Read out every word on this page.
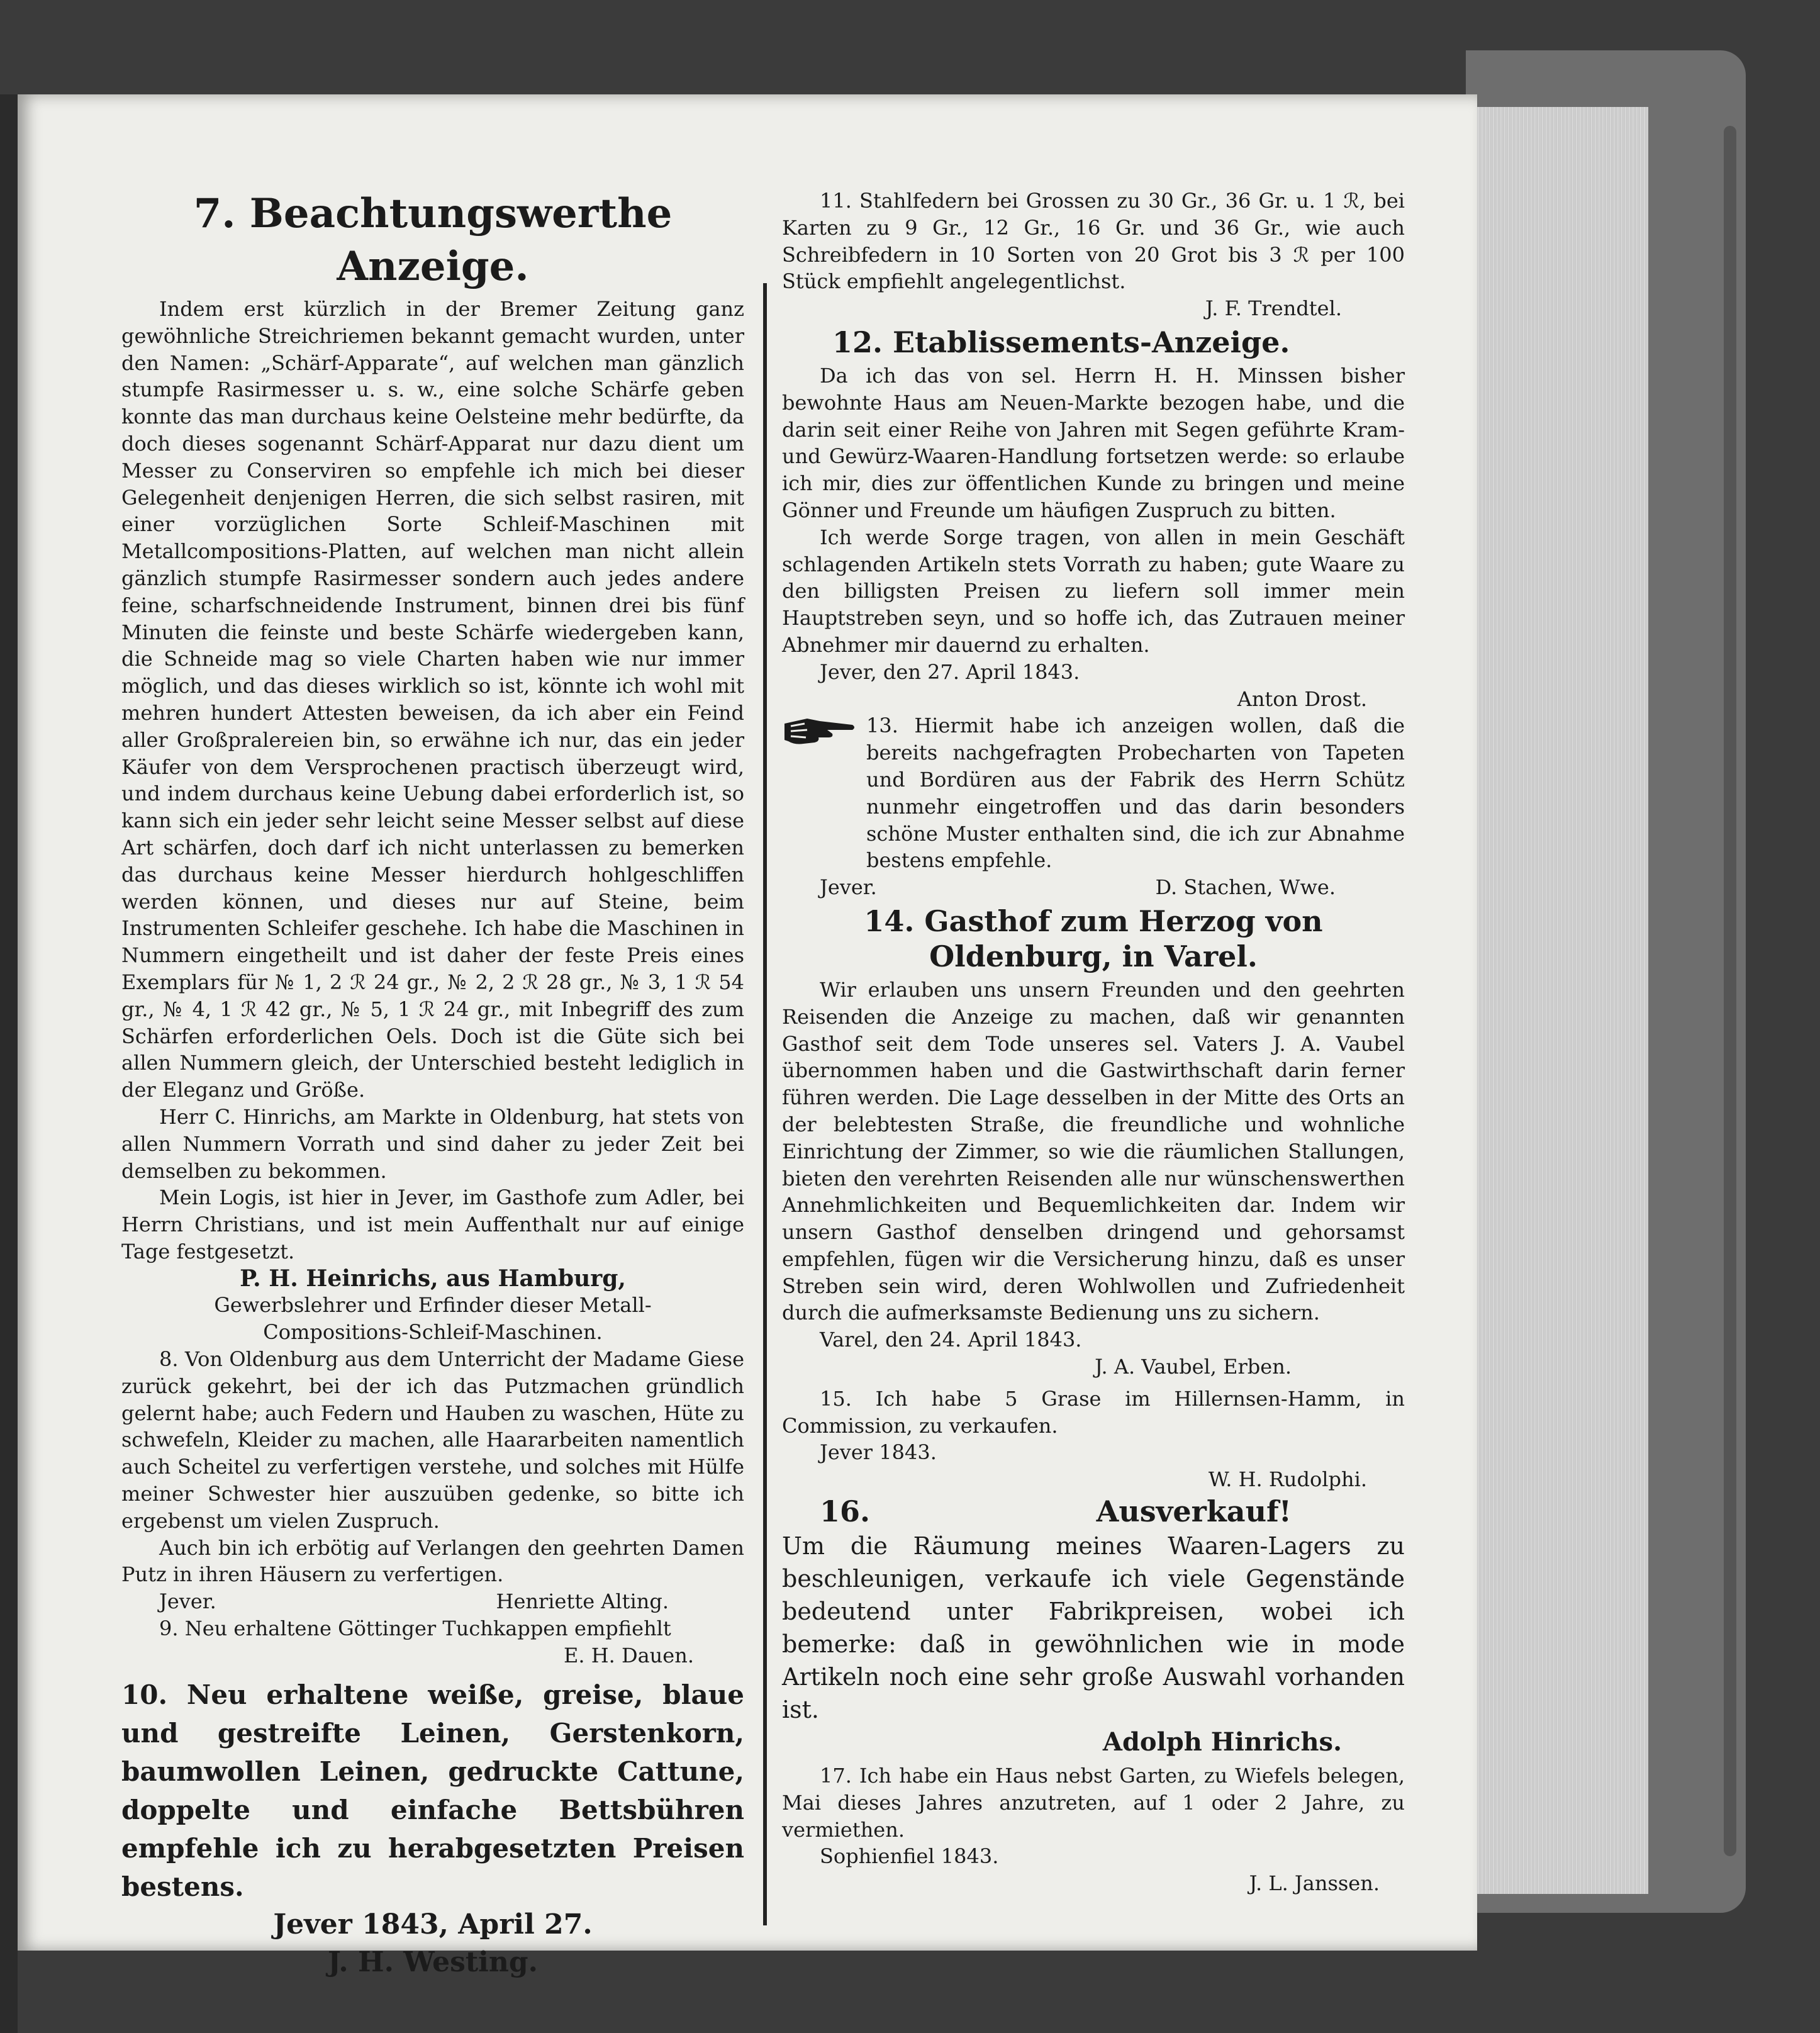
7. Beachtungswerthe Anzeige.

Indem erst kürzlich in der Bremer Zeitung ganz gewöhnliche Streichriemen bekannt gemacht wurden, unter den Namen: „Schärf-Apparate“, auf welchen man gänzlich stumpfe Rasirmesser u. s. w., eine solche Schärfe geben konnte das man durchaus keine Oelsteine mehr bedürfte, da doch dieses sogenannt Schärf-Apparat nur dazu dient um Messer zu Conserviren so empfehle ich mich bei dieser Gelegenheit denjenigen Herren, die sich selbst rasiren, mit einer vorzüglichen Sorte Schleif-Maschinen mit Metallcompositions-Platten, auf welchen man nicht allein gänzlich stumpfe Rasirmesser sondern auch jedes andere feine, scharfschneidende Instrument, binnen drei bis fünf Minuten die feinste und beste Schärfe wiedergeben kann, die Schneide mag so viele Charten haben wie nur immer möglich, und das dieses wirklich so ist, könnte ich wohl mit mehren hundert Attesten beweisen, da ich aber ein Feind aller Großpralereien bin, so erwähne ich nur, das ein jeder Käufer von dem Versprochenen practisch überzeugt wird, und indem durchaus keine Uebung dabei erforderlich ist, so kann sich ein jeder sehr leicht seine Messer selbst auf diese Art schärfen, doch darf ich nicht unterlassen zu bemerken das durchaus keine Messer hierdurch hohlgeschliffen werden können, und dieses nur auf Steine, beim Instrumenten Schleifer geschehe. Ich habe die Maschinen in Nummern eingetheilt und ist daher der feste Preis eines Exemplars für № 1, 2 ℛ 24 gr., № 2, 2 ℛ 28 gr., № 3, 1 ℛ 54 gr., № 4, 1 ℛ 42 gr., № 5, 1 ℛ 24 gr., mit Inbegriff des zum Schärfen erforderlichen Oels. Doch ist die Güte sich bei allen Nummern gleich, der Unterschied besteht lediglich in der Eleganz und Größe.

Herr C. Hinrichs, am Markte in Oldenburg, hat stets von allen Nummern Vorrath und sind daher zu jeder Zeit bei demselben zu bekommen.

Mein Logis, ist hier in Jever, im Gasthofe zum Adler, bei Herrn Christians, und ist mein Auffenthalt nur auf einige Tage festgesetzt.

P. H. Heinrichs, aus Hamburg,

Gewerbslehrer und Erfinder dieser Metall-

Compositions-Schleif-Maschinen.

8. Von Oldenburg aus dem Unterricht der Madame Giese zurück gekehrt, bei der ich das Putzmachen gründlich gelernt habe; auch Federn und Hauben zu waschen, Hüte zu schwefeln, Kleider zu machen, alle Haararbeiten namentlich auch Scheitel zu verfertigen verstehe, und solches mit Hülfe meiner Schwester hier auszuüben gedenke, so bitte ich ergebenst um vielen Zuspruch.

Auch bin ich erbötig auf Verlangen den geehrten Damen Putz in ihren Häusern zu verfertigen.

Jever.	Henriette Alting.

9. Neu erhaltene Göttinger Tuchkappen empfiehlt

E. H. Dauen.

10. Neu erhaltene weiße, greise, blaue und gestreifte Leinen, Gerstenkorn, baumwollen Leinen, gedruckte Cattune, doppelte und einfache Bettsbühren empfehle ich zu herabgesetzten Preisen bestens.

Jever 1843, April 27.

J. H. Westing.

11. Stahlfedern bei Grossen zu 30 Gr., 36 Gr. u. 1 ℛ, bei Karten zu 9 Gr., 12 Gr., 16 Gr. und 36 Gr., wie auch Schreibfedern in 10 Sorten von 20 Grot bis 3 ℛ per 100 Stück empfiehlt angelegentlichst.

J. F. Trendtel.

12. Etablissements-Anzeige.

Da ich das von sel. Herrn H. H. Minssen bisher bewohnte Haus am Neuen-Markte bezogen habe, und die darin seit einer Reihe von Jahren mit Segen geführte Kram- und Gewürz-Waaren-Handlung fortsetzen werde: so erlaube ich mir, dies zur öffentlichen Kunde zu bringen und meine Gönner und Freunde um häufigen Zuspruch zu bitten.

Ich werde Sorge tragen, von allen in mein Geschäft schlagenden Artikeln stets Vorrath zu haben; gute Waare zu den billigsten Preisen zu liefern soll immer mein Hauptstreben seyn, und so hoffe ich, das Zutrauen meiner Abnehmer mir dauernd zu erhalten.

Jever, den 27. April 1843.

Anton Drost.

13. Hiermit habe ich anzeigen wollen, daß die bereits nachgefragten Probecharten von Tapeten und Bordüren aus der Fabrik des Herrn Schütz nunmehr eingetroffen und das darin besonders schöne Muster enthalten sind, die ich zur Abnahme bestens empfehle.

Jever.	D. Stachen, Wwe.
14. Gasthof zum Herzog von Oldenburg, in Varel.

Wir erlauben uns unsern Freunden und den geehrten Reisenden die Anzeige zu machen, daß wir genannten Gasthof seit dem Tode unseres sel. Vaters J. A. Vaubel übernommen haben und die Gastwirthschaft darin ferner führen werden. Die Lage desselben in der Mitte des Orts an der belebtesten Straße, die freundliche und wohnliche Einrichtung der Zimmer, so wie die räumlichen Stallungen, bieten den verehrten Reisenden alle nur wünschenswerthen Annehmlichkeiten und Bequemlichkeiten dar. Indem wir unsern Gasthof denselben dringend und gehorsamst empfehlen, fügen wir die Versicherung hinzu, daß es unser Streben sein wird, deren Wohlwollen und Zufriedenheit durch die aufmerksamste Bedienung uns zu sichern.

Varel, den 24. April 1843.

J. A. Vaubel, Erben.

15. Ich habe 5 Grase im Hillernsen-Hamm, in Commission, zu verkaufen.

Jever 1843.

W. H. Rudolphi.

16.	Ausverkauf!

Um die Räumung meines Waaren-Lagers zu beschleunigen, verkaufe ich viele Gegenstände bedeutend unter Fabrikpreisen, wobei ich bemerke: daß in gewöhnlichen wie in mode Artikeln noch eine sehr große Auswahl vorhanden ist.

Adolph Hinrichs.

17. Ich habe ein Haus nebst Garten, zu Wiefels belegen, Mai dieses Jahres anzutreten, auf 1 oder 2 Jahre, zu vermiethen.

Sophienfiel 1843.

J. L. Janssen.
